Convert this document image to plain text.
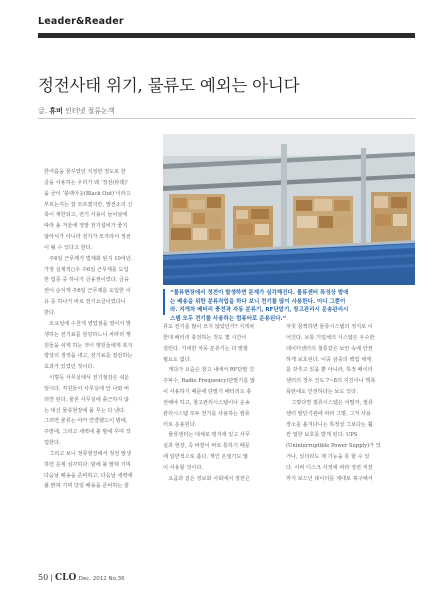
Leader&Reader
정전사태 위기, 물류도 예외는 아니다
글. 휴버 인터넷 절류논객

한여름을 꿈꾸었던 지정한 정도로 한

글을 사용하는 우리가 왜 ‘정전(停電)’

을 굳이 ‘블랙아웃(Black Out)’이라고

부르는지는 잘 모르겠지만, 발전소의 신

축이 제한되고, 전기 사용이 늘어날에

따라 올 겨울에 정말 전기설비가 좋지

않아서가 아니라 전기가 모자라서 정전

이 될 수 있다고 한다.

　주6일 근무제가 법제화 된지 10여년.

가장 실제적○우 주6일 근무제를 도입

한 업종 중 하나가 금융권이었다. 금융

권이 순식게 주6일 근무제를 도입한 이

유 중 하나가 바로 전기요금이었다니

한다.

　토요일에 수천개 영업점을 열어서 발

생하는 전기료를 감당하느니 차라리 행

원들을 쉬게 하는 것이 행원들에게 복지

향상의 생색을 내고, 전기료를 절감하는

효과가 있었던 것이다.

　이렇듯 사무실에서 전기절감은 쉬운

일이다. 직원들이 사무실에 안 나와 버

리면 된다. 물론 사무실에 출근하지 않

는 대신 물류현장에 몰 무는 다 낸다.

그러면 물류는 야카 연결했드이 밤에,

주말에, 그리고 새벽에 볼 밤에 꾸며 작

업한다.

　그리고 보니 정류현장에서 정전 발생

하면 문제 심각하다. 밤에 불 밝혀 기며

다음날 배송을 준비하고, 다음날 새벽에

불 밝혀 기며 당일 배송을 준비하는 물

“물류현장에서 정전이 발생하면 문제가 심각해진다. 물류센터 특성상 밤에
는 배송을 위한 분류작업을 하다 보니 전기를 많이 사용한다. 어디 그뿐이
라. 지게차 배터리 충전과 자동 분류기, RF단말기, 창고관리시 운송관리시
스템 모두 전기를 사용하는 컴퓨터로 운용된다.”

류도 전기를 많이 쓰지 않았던가? 지게차

한대 배터리 충전하는 것도 몇 시간이

걸린다. 거대한 자동 분류기는 더 말할

필요도 없다.

　게다가 요즘은 창고 내에서 RF단말 진

주파수, Radio Frequency)단말기를 많

이 사용하기 때문에 단말기 배터리도 충

전해야 하고, 창고관리시스템이나 운송

관리시스템 모두 전기를 사용하는 컴퓨

터로 운용된다.

　물류센터는 대체로 평지에 있고 사무

실과 현장, 즉 바깥이 바로 통하기 때문

에 일반적으로 좁다. 개인 온열기도 많

이 사용할 것이다.

　요즘과 같은 정보화 사회에서 정전은

자칫 꿈찍하면 물류시스템의 정지로 이

어진다. 보통 기업체의 시스템은 우수한

데이터센터의 철통같은 보안 속에 안전

하게 보호된다. 이중 삼중의 백업 체계

를 갖추고 있을 뿐 아니라, 특정 페이터

센터의 경우 진도 7~8의 지진이나 핵폭

폭탄에도 안전하다는 보도 있다.

　그렇다면 절류시스템은 어떨까, 절류

센터 말단기관에 따라 그렇, 그저 사용

장소를 올겨다니는 특정상 그보다는 훨

씬 열한 보호를 받게 된다. UPS

(Uninterruptible Power Supply)가 있

거나, 있더라도 제 기능을 못 할 수 있

다. 서버 디스크 사정에 따라 정전 직전

까지 보으던 데이터를 제대로 복구해서

50 | CLO Dec. 2012 No.36
